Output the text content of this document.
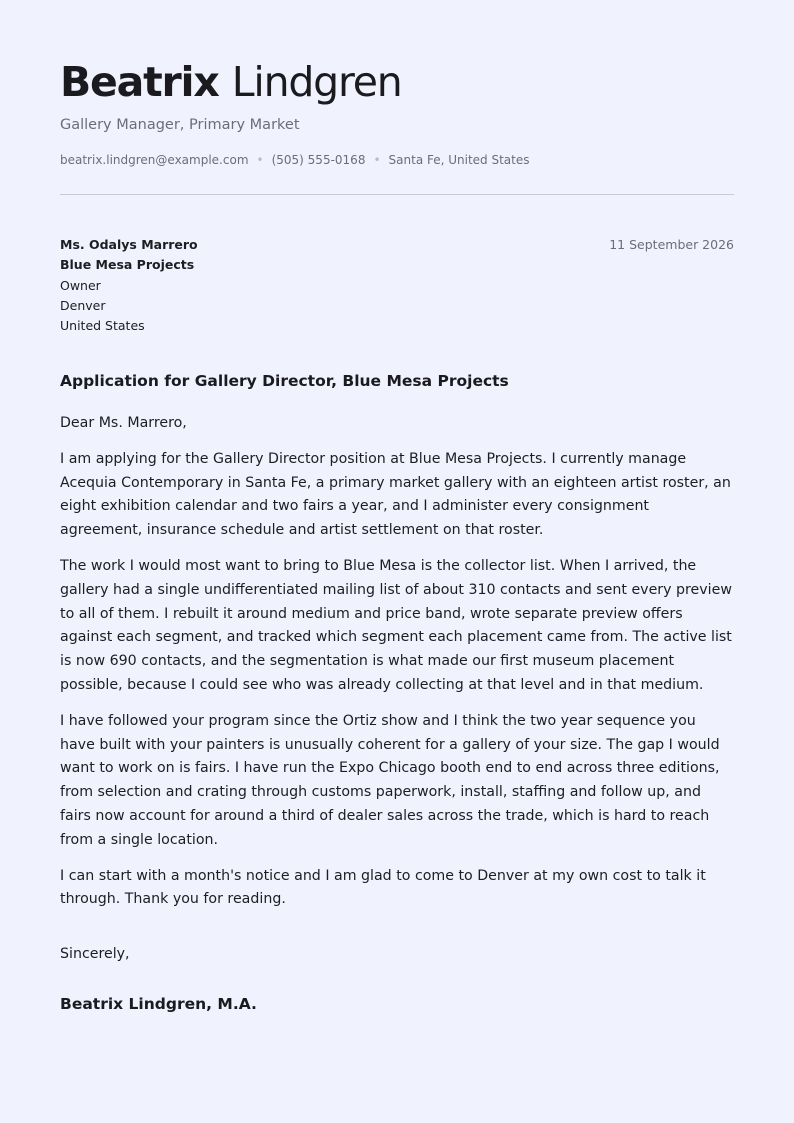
Beatrix Lindgren
Gallery Manager, Primary Market
beatrix.lindgren@example.com • (505) 555-0168 • Santa Fe, United States
Ms. Odalys Marrero
Blue Mesa Projects
Owner
Denver
United States
11 September 2026
Application for Gallery Director, Blue Mesa Projects

Dear Ms. Marrero,

I am applying for the Gallery Director position at Blue Mesa Projects. I currently manage Acequia Contemporary in Santa Fe, a primary market gallery with an eighteen artist roster, an eight exhibition calendar and two fairs a year, and I administer every consignment agreement, insurance schedule and artist settlement on that roster.

The work I would most want to bring to Blue Mesa is the collector list. When I arrived, the gallery had a single undifferentiated mailing list of about 310 contacts and sent every preview to all of them. I rebuilt it around medium and price band, wrote separate preview offers against each segment, and tracked which segment each placement came from. The active list is now 690 contacts, and the segmentation is what made our first museum placement possible, because I could see who was already collecting at that level and in that medium.

I have followed your program since the Ortiz show and I think the two year sequence you have built with your painters is unusually coherent for a gallery of your size. The gap I would want to work on is fairs. I have run the Expo Chicago booth end to end across three editions, from selection and crating through customs paperwork, install, staffing and follow up, and fairs now account for around a third of dealer sales across the trade, which is hard to reach from a single location.

I can start with a month's notice and I am glad to come to Denver at my own cost to talk it through. Thank you for reading.

Sincerely,
Beatrix Lindgren, M.A.
